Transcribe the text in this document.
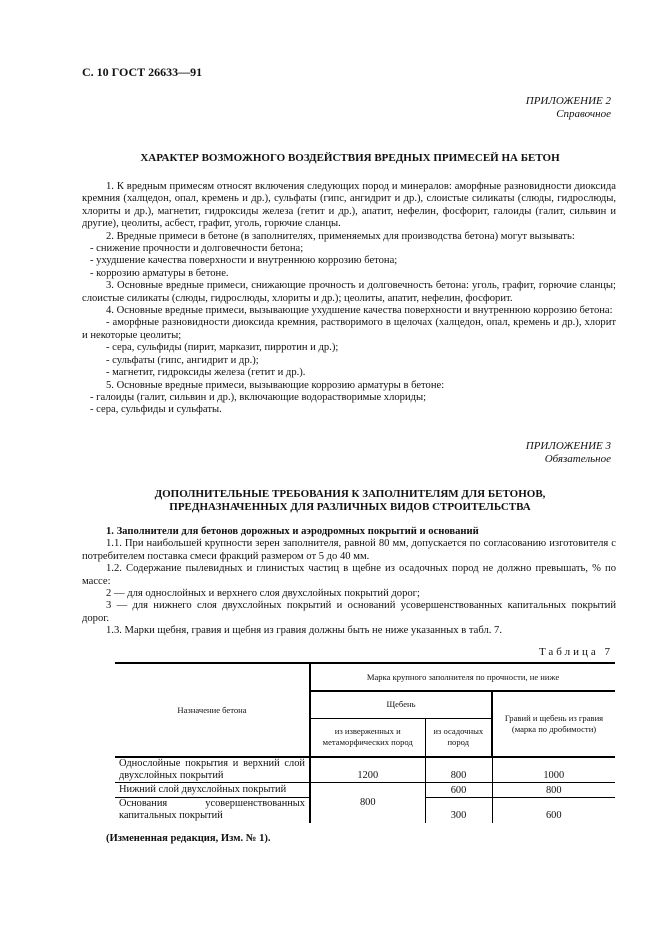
С. 10 ГОСТ 26633—91
ПРИЛОЖЕНИЕ 2
Справочное
ХАРАКТЕР ВОЗМОЖНОГО ВОЗДЕЙСТВИЯ ВРЕДНЫХ ПРИМЕСЕЙ НА БЕТОН

1. К вредным примесям относят включения следующих пород и минералов: аморфные разновидности диоксида кремния (халцедон, опал, кремень и др.), сульфаты (гипс, ангидрит и др.), слоистые силикаты (слюды, гидрослюды, хлориты и др.), магнетит, гидроксиды железа (гетит и др.), апатит, нефелин, фосфорит, галоиды (галит, сильвин и другие), цеолиты, асбест, графит, уголь, горючие сланцы.

2. Вредные примеси в бетоне (в заполнителях, применяемых для производства бетона) могут вызывать:

- снижение прочности и долговечности бетона;

- ухудшение качества поверхности и внутреннюю коррозию бетона;

- коррозию арматуры в бетоне.

3. Основные вредные примеси, снижающие прочность и долговечность бетона: уголь, графит, горючие сланцы; слоистые силикаты (слюды, гидрослюды, хлориты и др.); цеолиты, апатит, нефелин, фосфорит.

4. Основные вредные примеси, вызывающие ухудшение качества поверхности и внутреннюю коррозию бетона:

- аморфные разновидности диоксида кремния, растворимого в щелочах (халцедон, опал, кремень и др.), хлорит и некоторые цеолиты;

- сера, сульфиды (пирит, марказит, пирротин и др.);

- сульфаты (гипс, ангидрит и др.);

- магнетит, гидроксиды железа (гетит и др.).

5. Основные вредные примеси, вызывающие коррозию арматуры в бетоне:

- галоиды (галит, сильвин и др.), включающие водорастворимые хлориды;

- сера, сульфиды и сульфаты.

ПРИЛОЖЕНИЕ 3
Обязательное
ДОПОЛНИТЕЛЬНЫЕ ТРЕБОВАНИЯ К ЗАПОЛНИТЕЛЯМ ДЛЯ БЕТОНОВ,
ПРЕДНАЗНАЧЕННЫХ ДЛЯ РАЗЛИЧНЫХ ВИДОВ СТРОИТЕЛЬСТВА

1. Заполнители для бетонов дорожных и аэродромных покрытий и оснований

1.1. При наибольшей крупности зерен заполнителя, равной 80 мм, допускается по согласованию изготовителя с потребителем поставка смеси фракций размером от 5 до 40 мм.

1.2. Содержание пылевидных и глинистых частиц в щебне из осадочных пород не должно превышать, % по массе:

2 — для однослойных и верхнего слоя двухслойных покрытий дорог;

3 — для нижнего слоя двухслойных покрытий и оснований усовершенствованных капитальных покрытий дорог.

1.3. Марки щебня, гравия и щебня из гравия должны быть не ниже указанных в табл. 7.

Таблица 7
Назначение бетона	Марка крупного заполнителя по прочности, не ниже		
	Щебень		Гравий и щебень из гравия (марка по дробимости)
	из изверженных и метаморфических пород	из осадочных пород	
Однослойные покрытия и верхний слой двухслойных покрытий	1200	800	1000
Нижний слой двухслойных покрытий	800	600	800
Основания усовершенствованных капитальных покрытий		300	600
(Измененная редакция, Изм. № 1).
